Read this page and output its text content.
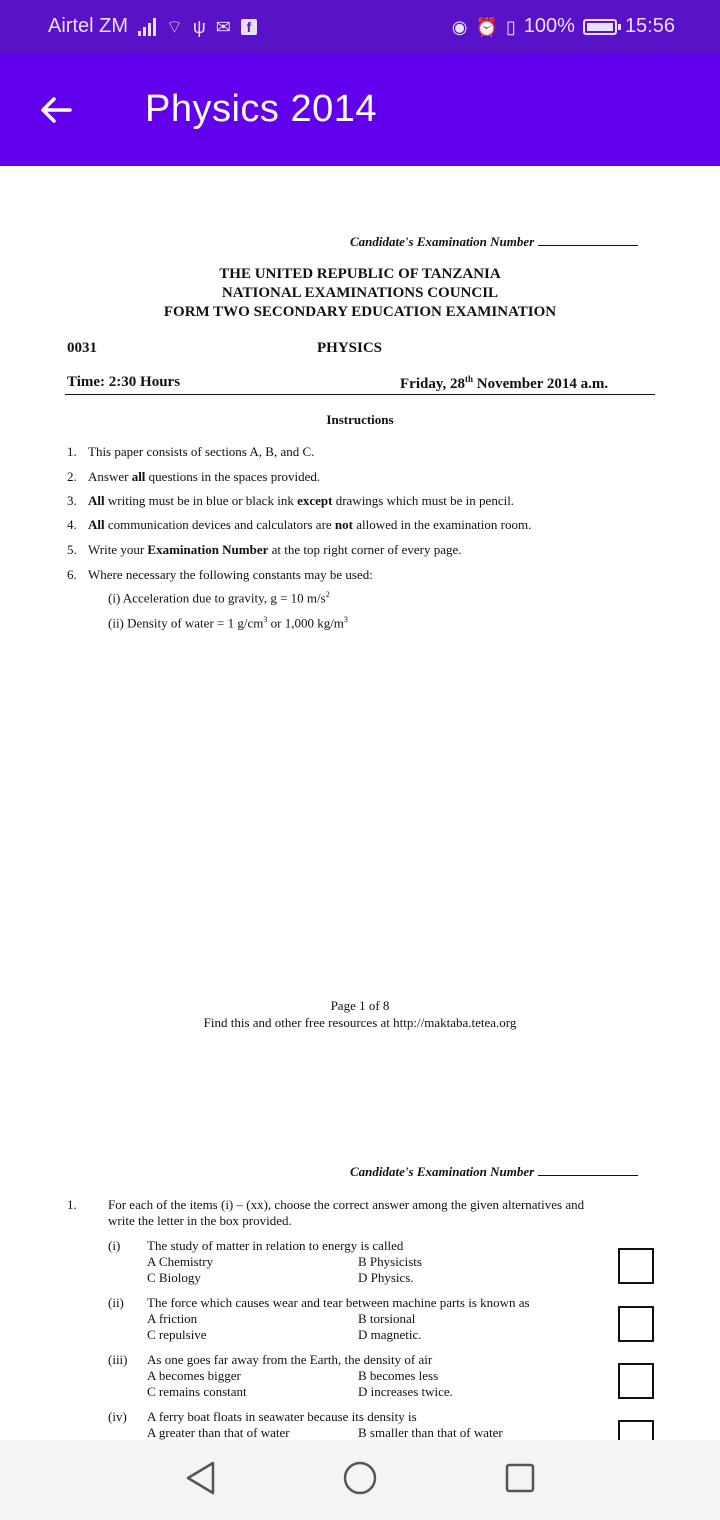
Airtel ZM ⌔ ψ ✉	f	◉ ⏰ ▯ 100%	15:56
Physics 2014
Candidate's Examination Number
THE UNITED REPUBLIC OF TANZANIA
NATIONAL EXAMINATIONS COUNCIL
FORM TWO SECONDARY EDUCATION EXAMINATION
0031	PHYSICS
Time: 2:30 Hours	Friday, 28th November 2014 a.m.
Instructions
1. This paper consists of sections A, B, and C.
2. Answer all questions in the spaces provided.
3. All writing must be in blue or black ink except drawings which must be in pencil.
4. All communication devices and calculators are not allowed in the examination room.
5. Write your Examination Number at the top right corner of every page.
6. Where necessary the following constants may be used:
(i) Acceleration due to gravity, g = 10 $m/s^2$
(ii) Density of water = 1 $g/cm^3$ or 1,000 $kg/m^3$
Page 1 of 8
Find this and other free resources at http://maktaba.tetea.org
Candidate's Examination Number
1. For each of the items (i) – (xx), choose the correct answer among the given alternatives and
write the letter in the box provided.
(i) The study of matter in relation to energy is called
A Chemistry	B Physicists
C Biology	D Physics.
(ii) The force which causes wear and tear between machine parts is known as
A friction	B torsional
C repulsive	D magnetic.
(iii) As one goes far away from the Earth, the density of air
A becomes bigger	B becomes less
C remains constant	D increases twice.
(iv) A ferry boat floats in seawater because its density is
A greater than that of water	B smaller than that of water
